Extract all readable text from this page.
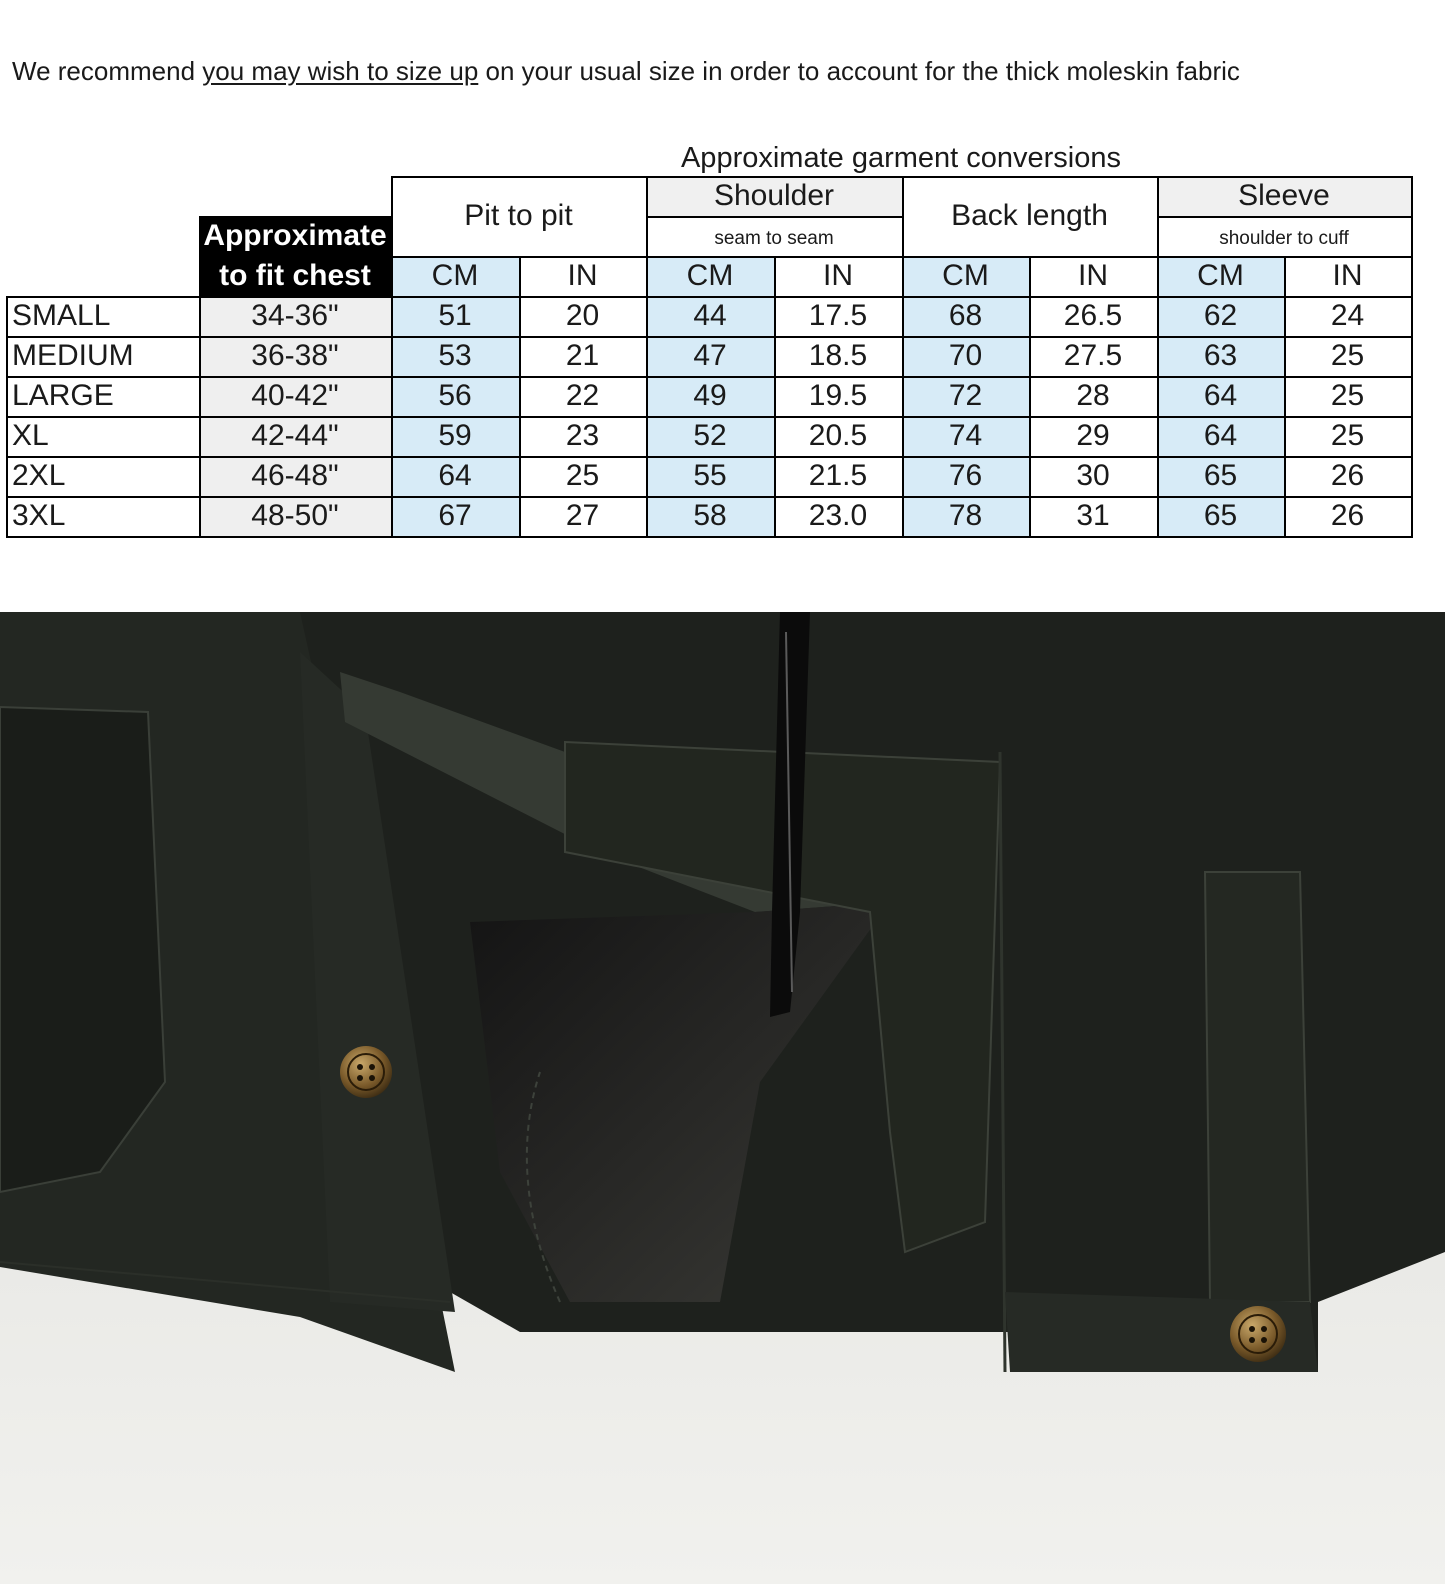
We recommend you may wish to size up on your usual size in order to account for the thick moleskin fabric
Approximate garment conversions
Approximate
to fit chest
Pit to pit
CM	IN
Shoulder
seam to seam
CM	IN
Back length
CM	IN
Sleeve
shoulder to cuff
CM	IN
SMALL	34-36"	51	20	44	17.5	68	26.5	62	24
MEDIUM	36-38"	53	21	47	18.5	70	27.5	63	25
LARGE	40-42"	56	22	49	19.5	72	28	64	25
XL	42-44"	59	23	52	20.5	74	29	64	25
2XL	46-48"	64	25	55	21.5	76	30	65	26
3XL	48-50"	67	27	58	23.0	78	31	65	26
